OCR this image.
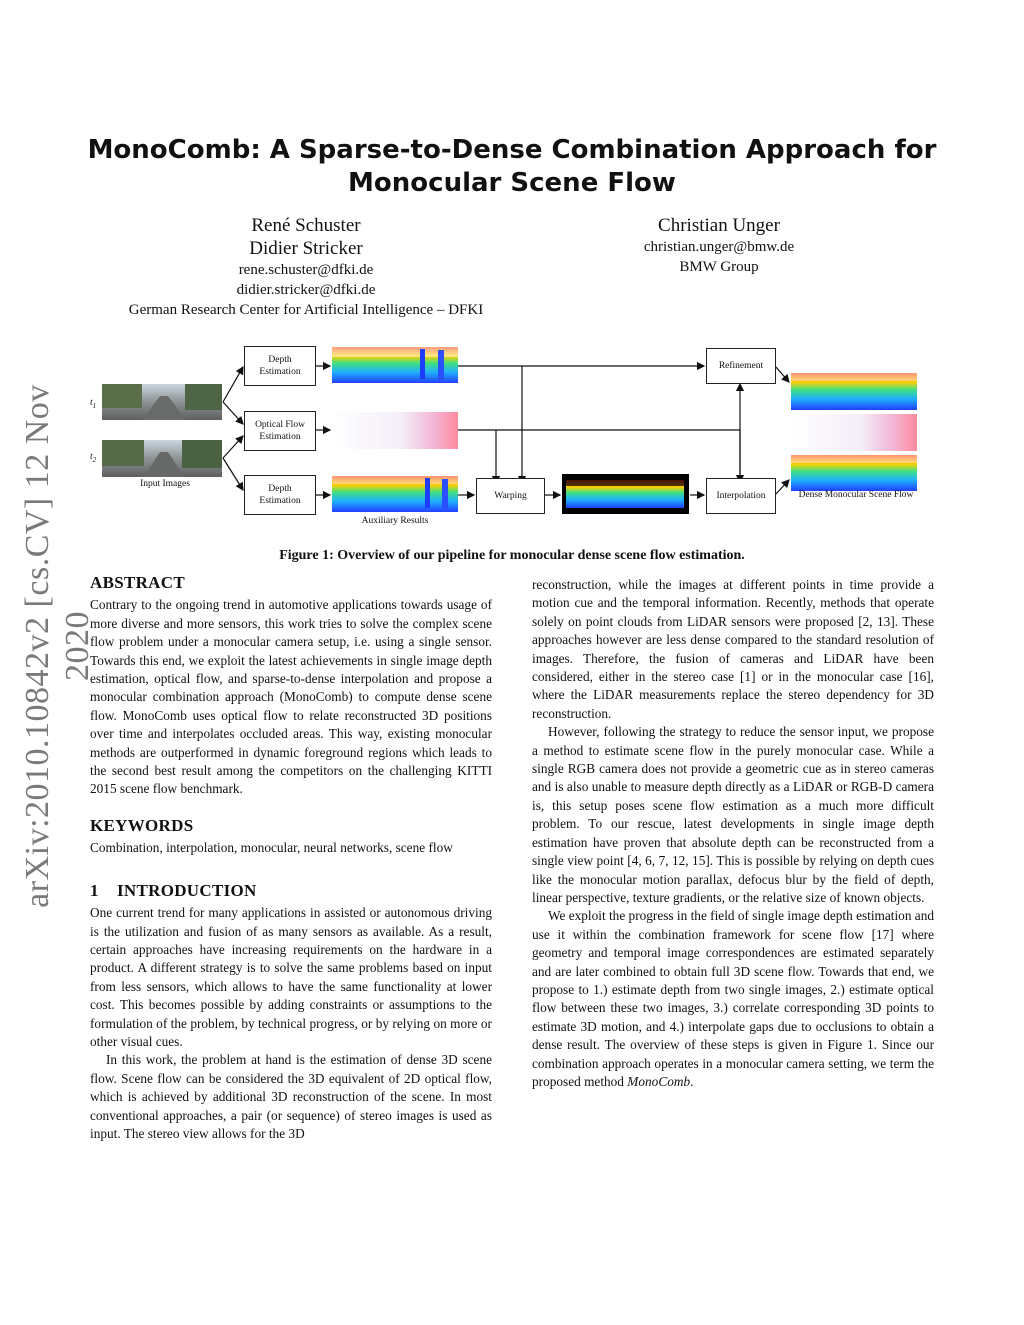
arXiv:2010.10842v2 [cs.CV] 12 Nov 2020
MonoComb: A Sparse-to-Dense Combination Approach for
Monocular Scene Flow
René Schuster
Didier Stricker
rene.schuster@dfki.de
didier.stricker@dfki.de
German Research Center for Artificial Intelligence – DFKI
Christian Unger
christian.unger@bmw.de
BMW Group
$t_1$
$t_2$
Input Images
Depth
Estimation
Optical Flow
Estimation
Depth
Estimation	Warping
Refinement
Interpolation
Auxiliary Results
Dense Monocular Scene Flow
Figure 1: Overview of our pipeline for monocular dense scene flow estimation.
ABSTRACT

Contrary to the ongoing trend in automotive applications towards usage of more diverse and more sensors, this work tries to solve the complex scene flow problem under a monocular camera setup, i.e. using a single sensor. Towards this end, we exploit the latest achievements in single image depth estimation, optical flow, and sparse-to-dense interpolation and propose a monocular combination approach (MonoComb) to compute dense scene flow. MonoComb uses optical flow to relate reconstructed 3D positions over time and interpolates occluded areas. This way, existing monocular methods are outperformed in dynamic foreground regions which leads to the second best result among the competitors on the challenging KITTI 2015 scene flow benchmark.

KEYWORDS

Combination, interpolation, monocular, neural networks, scene flow

1    INTRODUCTION

One current trend for many applications in assisted or autonomous driving is the utilization and fusion of as many sensors as available. As a result, certain approaches have increasing requirements on the hardware in a product. A different strategy is to solve the same problems based on input from less sensors, which allows to have the same functionality at lower cost. This becomes possible by adding constraints or assumptions to the formulation of the problem, by technical progress, or by relying on more or other visual cues.

In this work, the problem at hand is the estimation of dense 3D scene flow. Scene flow can be considered the 3D equivalent of 2D optical flow, which is achieved by additional 3D reconstruction of the scene. In most conventional approaches, a pair (or sequence) of stereo images is used as input. The stereo view allows for the 3D

reconstruction, while the images at different points in time provide a motion cue and the temporal information. Recently, methods that operate solely on point clouds from LiDAR sensors were proposed [2, 13]. These approaches however are less dense compared to the standard resolution of images. Therefore, the fusion of cameras and LiDAR have been considered, either in the stereo case [1] or in the monocular case [16], where the LiDAR measurements replace the stereo dependency for 3D reconstruction.

However, following the strategy to reduce the sensor input, we propose a method to estimate scene flow in the purely monocular case. While a single RGB camera does not provide a geometric cue as in stereo cameras and is also unable to measure depth directly as a LiDAR or RGB-D camera is, this setup poses scene flow estimation as a much more difficult problem. To our rescue, latest developments in single image depth estimation have proven that absolute depth can be reconstructed from a single view point [4, 6, 7, 12, 15]. This is possible by relying on depth cues like the monocular motion parallax, defocus blur by the field of depth, linear perspective, texture gradients, or the relative size of known objects.

We exploit the progress in the field of single image depth estimation and use it within the combination framework for scene flow [17] where geometry and temporal image correspondences are estimated separately and are later combined to obtain full 3D scene flow. Towards that end, we propose to 1.) estimate depth from two single images, 2.) estimate optical flow between these two images, 3.) correlate corresponding 3D points to estimate 3D motion, and 4.) interpolate gaps due to occlusions to obtain a dense result. The overview of these steps is given in Figure 1. Since our combination approach operates in a monocular camera setting, we term the proposed method MonoComb.
